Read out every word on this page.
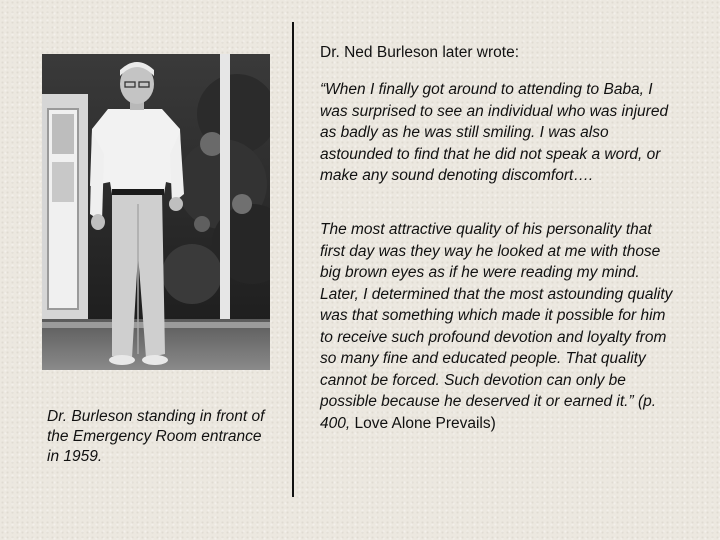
Dr. Burleson standing in front of the Emergency Room entrance in 1959.
Dr. Ned Burleson later wrote:
“When I finally got around to attending to Baba, I was surprised to see an individual who was injured as badly as he was still smiling. I was also astounded to find that he did not speak a word, or make any sound denoting discomfort….
The most attractive quality of his personality that first day was they way he looked at me with those big brown eyes as if he were reading my mind. Later, I determined that the most astounding quality was that something which made it possible for him to receive such profound devotion and loyalty from so many fine and educated people. That quality cannot be forced. Such devotion can only be possible because he deserved it or earned it.” (p. 400, Love Alone Prevails)
